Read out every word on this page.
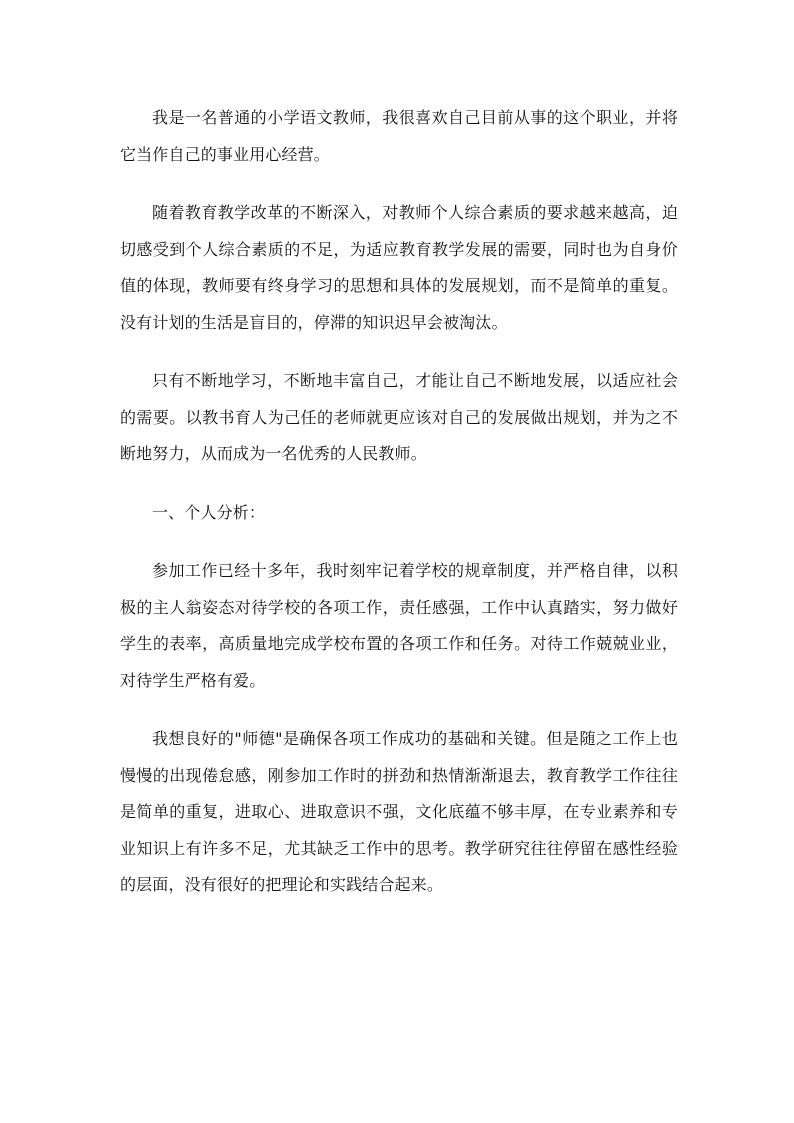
我是一名普通的小学语文教师，我很喜欢自己目前从事的这个职业，并将它当作自己的事业用心经营。

随着教育教学改革的不断深入，对教师个人综合素质的要求越来越高，迫切感受到个人综合素质的不足，为适应教育教学发展的需要，同时也为自身价值的体现，教师要有终身学习的思想和具体的发展规划，而不是简单的重复。没有计划的生活是盲目的，停滞的知识迟早会被淘汰。

只有不断地学习，不断地丰富自己，才能让自己不断地发展，以适应社会的需要。以教书育人为己任的老师就更应该对自己的发展做出规划，并为之不断地努力，从而成为一名优秀的人民教师。

一、个人分析：

参加工作已经十多年，我时刻牢记着学校的规章制度，并严格自律，以积极的主人翁姿态对待学校的各项工作，责任感强，工作中认真踏实，努力做好学生的表率，高质量地完成学校布置的各项工作和任务。对待工作兢兢业业，对待学生严格有爱。

我想良好的"师德"是确保各项工作成功的基础和关键。但是随之工作上也慢慢的出现倦怠感，刚参加工作时的拼劲和热情渐渐退去，教育教学工作往往是简单的重复，进取心、进取意识不强，文化底蕴不够丰厚，在专业素养和专业知识上有许多不足，尤其缺乏工作中的思考。教学研究往往停留在感性经验的层面，没有很好的把理论和实践结合起来。
